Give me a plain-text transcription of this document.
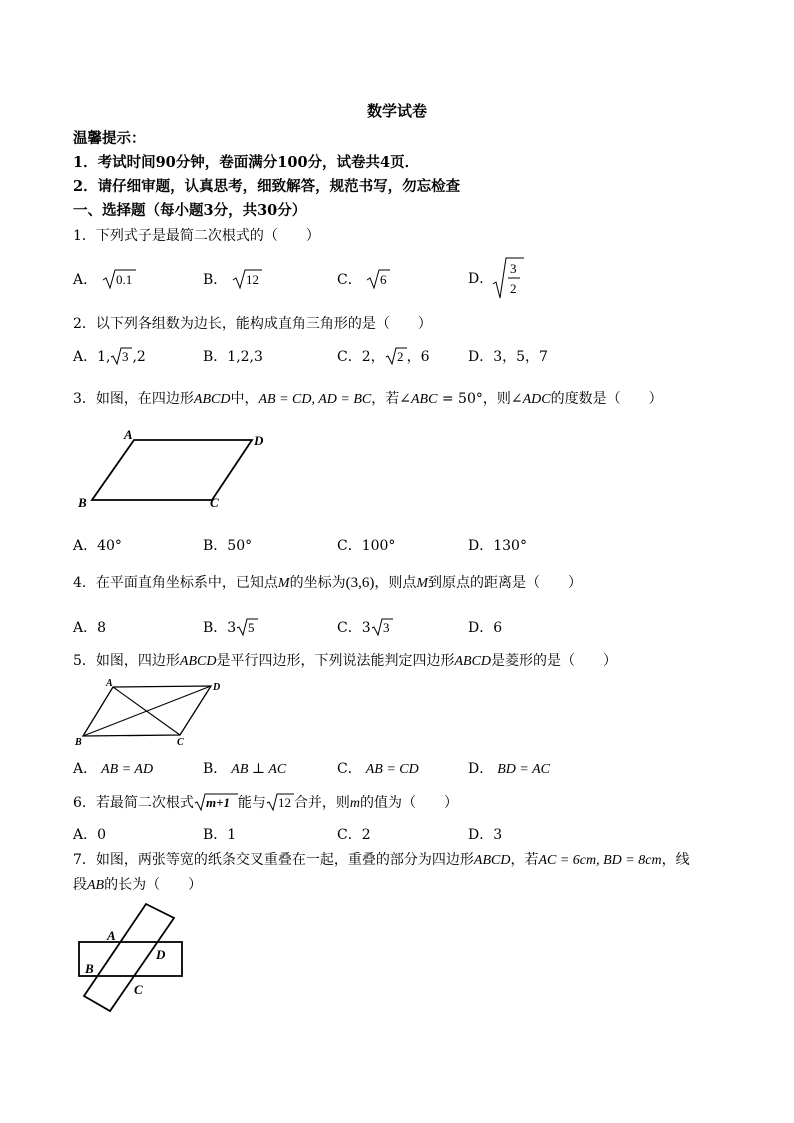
数学试卷
温馨提示：
1．考试时间90分钟，卷面满分100分，试卷共4页．
2．请仔细审题，认真思考，细致解答，规范书写，勿忘检查
一、选择题（每小题3分，共30分）
1．下列式子是最简二次根式的（　　）
A． 0.1	B． 12	C． 6	D．
3
2
2．以下列各组数为边长，能构成直角三角形的是（　　）
A．1, 3 ,2	B．1,2,3	C．2， 2 ，6	D．3，5，7
3．如图，在四边形ABCD中，AB = CD, AD = BC，若∠ABC = 50°，则∠ADC的度数是（　　）
A	D
B	C
A．40°	B．50°	C．100°	D．130°
4．在平面直角坐标系中，已知点M的坐标为(3,6)，则点M到原点的距离是（　　）
A．8	B．3 5	C．3 3	D．6
5．如图，四边形ABCD是平行四边形，下列说法能判定四边形ABCD是菱形的是（　　）
A	D
B	C
A． AB = AD	B． AB ⊥ AC	C． AB = CD	D． BD = AC
6．若最简二次根式 m+1 能与 12 合并，则m的值为（　　）
A．0	B．1	C．2	D．3
7．如图，两张等宽的纸条交叉重叠在一起，重叠的部分为四边形ABCD，若AC = 6cm, BD = 8cm，线
段AB的长为（　　）
A
B
D
C
